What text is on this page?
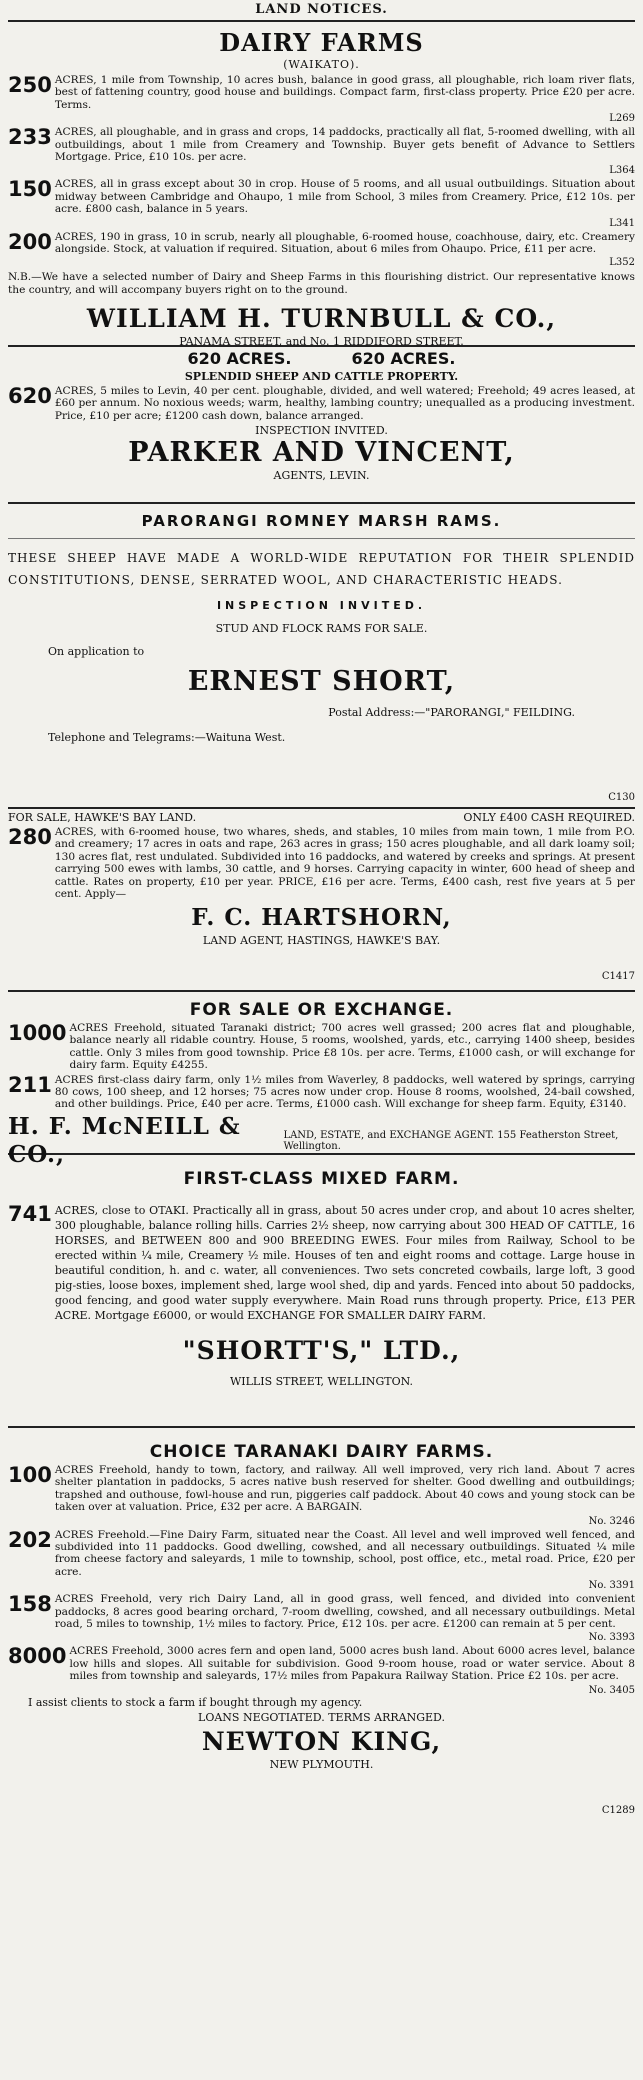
LAND NOTICES.
DAIRY FARMS
(WAIKATO).
250 ACRES, 1 mile from Township, 10 acres bush, balance in good grass, all ploughable, rich loam river flats, best of fattening country, good house and buildings. Compact farm, first-class property. Price £20 per acre. Terms.
L269
233 ACRES, all ploughable, and in grass and crops, 14 paddocks, practically all flat, 5-roomed dwelling, with all outbuildings, about 1 mile from Creamery and Township. Buyer gets benefit of Advance to Settlers Mortgage. Price, £10 10s. per acre.
L364
150 ACRES, all in grass except about 30 in crop. House of 5 rooms, and all usual outbuildings. Situation about midway between Cambridge and Ohaupo, 1 mile from School, 3 miles from Creamery. Price, £12 10s. per acre. £800 cash, balance in 5 years.
L341
200 ACRES, 190 in grass, 10 in scrub, nearly all ploughable, 6-roomed house, coachhouse, dairy, etc. Creamery alongside. Stock, at valuation if required. Situation, about 6 miles from Ohaupo. Price, £11 per acre.
L352
N.B.—We have a selected number of Dairy and Sheep Farms in this flourishing district. Our representative knows the country, and will accompany buyers right on to the ground.
WILLIAM H. TURNBULL & CO.,
PANAMA STREET, and No. 1 RIDDIFORD STREET.
620 ACRES.	620 ACRES.
SPLENDID SHEEP AND CATTLE PROPERTY.
620 ACRES, 5 miles to Levin, 40 per cent. ploughable, divided, and well watered; Freehold; 49 acres leased, at £60 per annum. No noxious weeds; warm, healthy, lambing country; unequalled as a producing investment. Price, £10 per acre; £1200 cash down, balance arranged.
INSPECTION INVITED.
PARKER AND VINCENT,
AGENTS, LEVIN.
PARORANGI ROMNEY MARSH RAMS.
THESE SHEEP HAVE MADE A WORLD-WIDE REPUTATION FOR THEIR SPLENDID CONSTITUTIONS, DENSE, SERRATED WOOL, AND CHARACTERISTIC HEADS.
INSPECTION INVITED.
STUD AND FLOCK RAMS FOR SALE.
On application to
ERNEST SHORT,
Postal Address:—"PARORANGI," FEILDING.
Telephone and Telegrams:—Waituna West.
C130
FOR SALE, HAWKE'S BAY LAND.	ONLY £400 CASH REQUIRED.
280 ACRES, with 6-roomed house, two whares, sheds, and stables, 10 miles from main town, 1 mile from P.O. and creamery; 17 acres in oats and rape, 263 acres in grass; 150 acres ploughable, and all dark loamy soil; 130 acres flat, rest undulated. Subdivided into 16 paddocks, and watered by creeks and springs. At present carrying 500 ewes with lambs, 30 cattle, and 9 horses. Carrying capacity in winter, 600 head of sheep and cattle. Rates on property, £10 per year. PRICE, £16 per acre. Terms, £400 cash, rest five years at 5 per cent. Apply—
F. C. HARTSHORN,
LAND AGENT, HASTINGS, HAWKE'S BAY.
C1417
FOR SALE OR EXCHANGE.
1000 ACRES Freehold, situated Taranaki district; 700 acres well grassed; 200 acres flat and ploughable, balance nearly all ridable country. House, 5 rooms, woolshed, yards, etc., carrying 1400 sheep, besides cattle. Only 3 miles from good township. Price £8 10s. per acre. Terms, £1000 cash, or will exchange for dairy farm. Equity £4255.
211 ACRES first-class dairy farm, only 1½ miles from Waverley, 8 paddocks, well watered by springs, carrying 80 cows, 100 sheep, and 12 horses; 75 acres now under crop. House 8 rooms, woolshed, 24-bail cowshed, and other buildings. Price, £40 per acre. Terms, £1000 cash. Will exchange for sheep farm. Equity, £3140.
H. F. McNEILL & CO.,
LAND, ESTATE, and EXCHANGE AGENT. 155 Featherston Street, Wellington.
FIRST-CLASS MIXED FARM.
741 ACRES, close to OTAKI. Practically all in grass, about 50 acres under crop, and about 10 acres shelter, 300 ploughable, balance rolling hills. Carries 2½ sheep, now carrying about 300 HEAD OF CATTLE, 16 HORSES, and BETWEEN 800 and 900 BREEDING EWES. Four miles from Railway, School to be erected within ¼ mile, Creamery ½ mile. Houses of ten and eight rooms and cottage. Large house in beautiful condition, h. and c. water, all conveniences. Two sets concreted cowbails, large loft, 3 good pig-sties, loose boxes, implement shed, large wool shed, dip and yards. Fenced into about 50 paddocks, good fencing, and good water supply everywhere. Main Road runs through property. Price, £13 PER ACRE. Mortgage £6000, or would EXCHANGE FOR SMALLER DAIRY FARM.
"SHORTT'S," LTD.,
WILLIS STREET, WELLINGTON.
CHOICE TARANAKI DAIRY FARMS.
100 ACRES Freehold, handy to town, factory, and railway. All well improved, very rich land. About 7 acres shelter plantation in paddocks, 5 acres native bush reserved for shelter. Good dwelling and outbuildings; trapshed and outhouse, fowl-house and run, piggeries calf paddock. About 40 cows and young stock can be taken over at valuation. Price, £32 per acre. A BARGAIN.
No. 3246
202 ACRES Freehold.—Fine Dairy Farm, situated near the Coast. All level and well improved well fenced, and subdivided into 11 paddocks. Good dwelling, cowshed, and all necessary outbuildings. Situated ¼ mile from cheese factory and saleyards, 1 mile to township, school, post office, etc., metal road. Price, £20 per acre.
No. 3391
158 ACRES Freehold, very rich Dairy Land, all in good grass, well fenced, and divided into convenient paddocks, 8 acres good bearing orchard, 7-room dwelling, cowshed, and all necessary outbuildings. Metal road, 5 miles to township, 1½ miles to factory. Price, £12 10s. per acre. £1200 can remain at 5 per cent.
No. 3393
8000 ACRES Freehold, 3000 acres fern and open land, 5000 acres bush land. About 6000 acres level, balance low hills and slopes. All suitable for subdivision. Good 9-room house, road or water service. About 8 miles from township and saleyards, 17½ miles from Papakura Railway Station. Price £2 10s. per acre.
No. 3405
I assist clients to stock a farm if bought through my agency.
LOANS NEGOTIATED. TERMS ARRANGED.
NEWTON KING,
NEW PLYMOUTH.
C1289
